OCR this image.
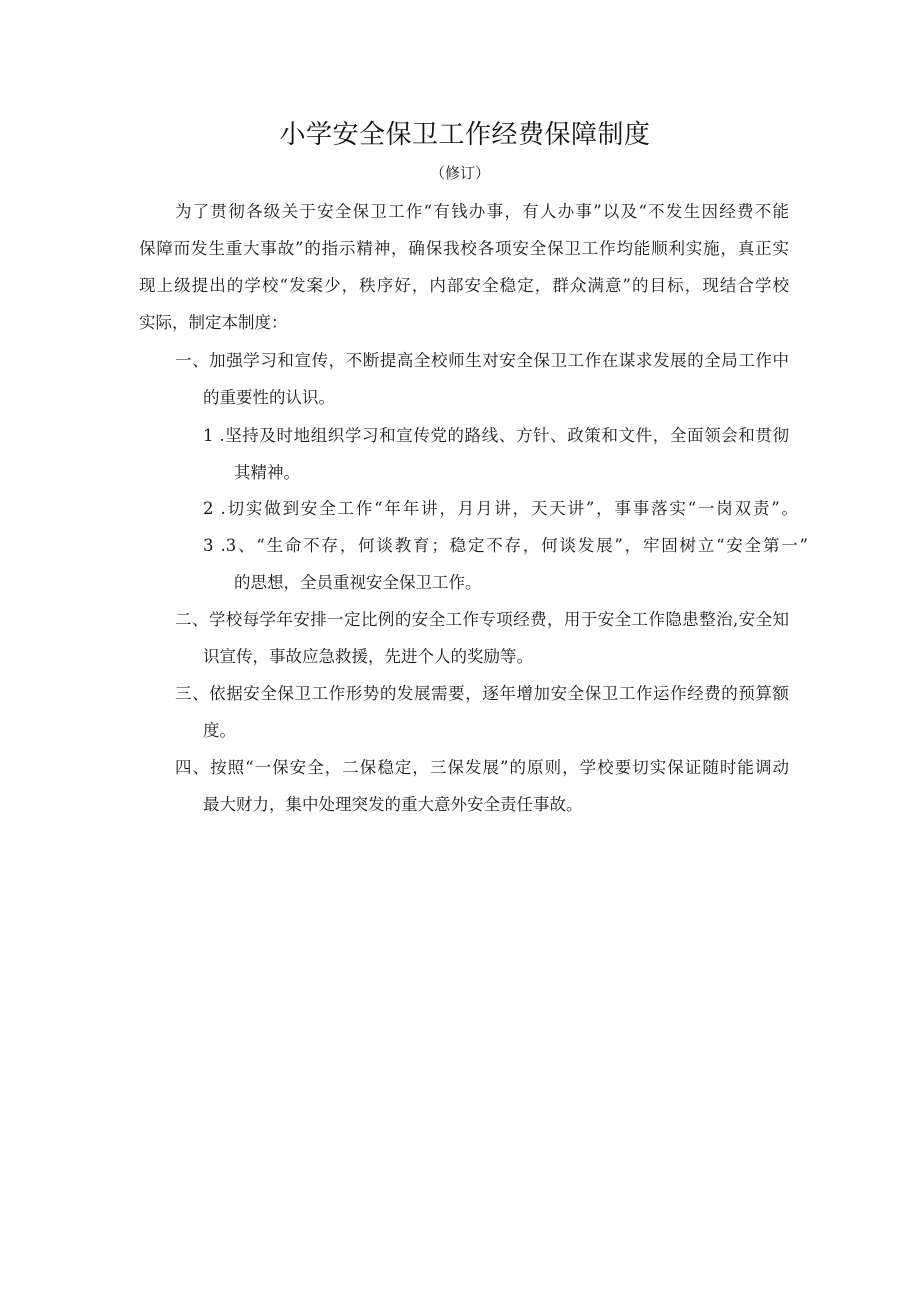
小学安全保卫工作经费保障制度
（修订）
为了贯彻各级关于安全保卫工作“有钱办事，有人办事”以及“不发生因经费不能
保障而发生重大事故”的指示精神，确保我校各项安全保卫工作均能顺利实施，真正实
现上级提出的学校“发案少，秩序好，内部安全稳定，群众满意”的目标，现结合学校
实际，制定本制度：
一、加强学习和宣传，不断提高全校师生对安全保卫工作在谋求发展的全局工作中
的重要性的认识。
1 .坚持及时地组织学习和宣传党的路线、方针、政策和文件，全面领会和贯彻
其精神。
2 .切实做到安全工作“年年讲，月月讲，天天讲”，事事落实“一岗双责”。
3 .3、“生命不存，何谈教育；稳定不存，何谈发展”，牢固树立“安全第一”
的思想，全员重视安全保卫工作。
二、学校每学年安排一定比例的安全工作专项经费，用于安全工作隐患整治,安全知
识宣传，事故应急救援，先进个人的奖励等。
三、依据安全保卫工作形势的发展需要，逐年增加安全保卫工作运作经费的预算额
度。
四、按照“一保安全，二保稳定，三保发展”的原则，学校要切实保证随时能调动
最大财力，集中处理突发的重大意外安全责任事故。
